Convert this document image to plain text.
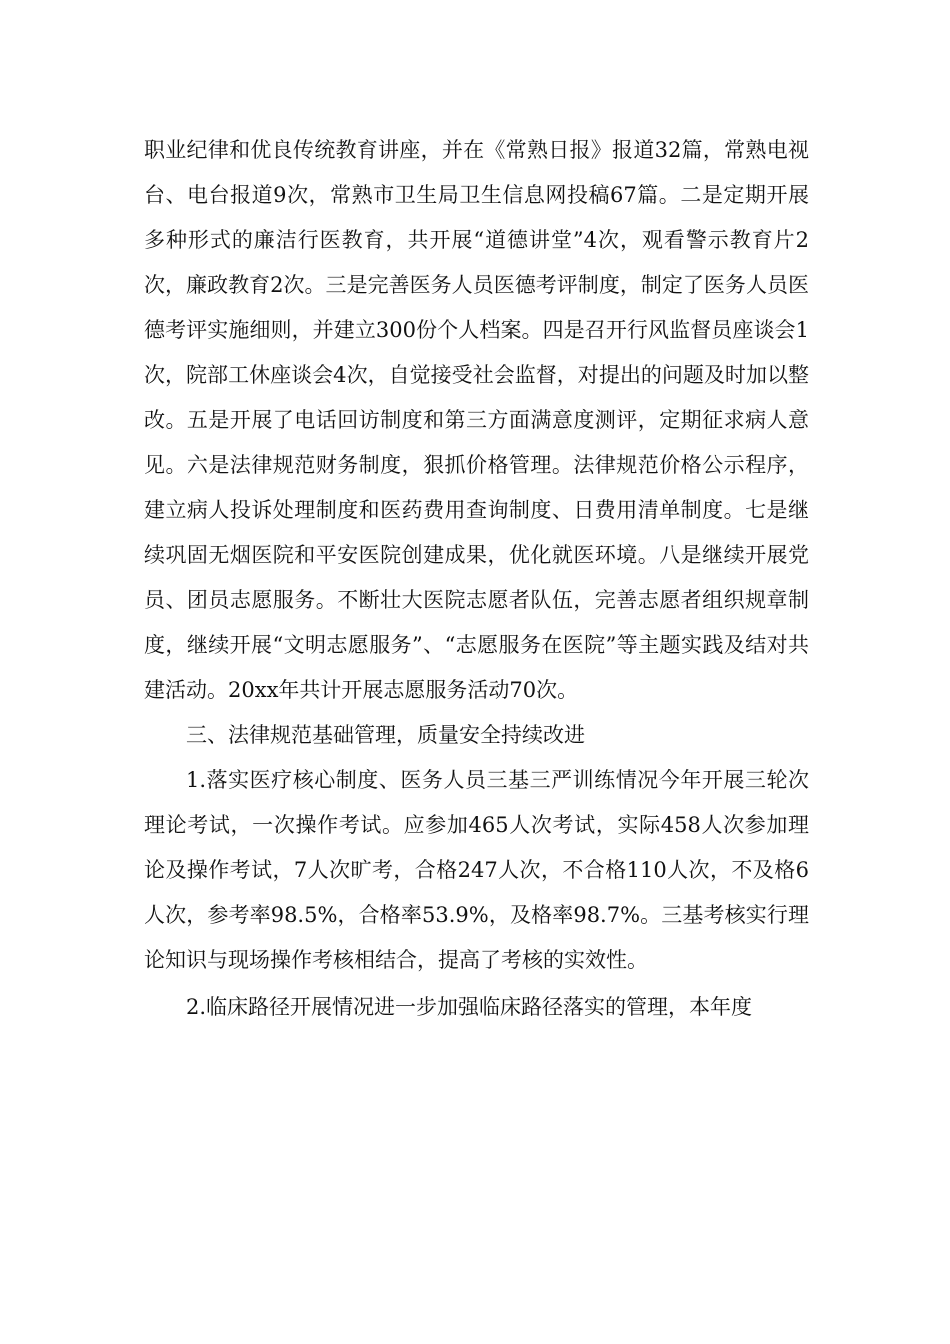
职业纪律和优良传统教育讲座，并在《常熟日报》报道32篇，常熟电视台、电台报道9次，常熟市卫生局卫生信息网投稿67篇。二是定期开展多种形式的廉洁行医教育，共开展“道德讲堂”4次，观看警示教育片2次，廉政教育2次。三是完善医务人员医德考评制度，制定了医务人员医德考评实施细则，并建立300份个人档案。四是召开行风监督员座谈会1次，院部工休座谈会4次，自觉接受社会监督，对提出的问题及时加以整改。五是开展了电话回访制度和第三方面满意度测评，定期征求病人意见。六是法律规范财务制度，狠抓价格管理。法律规范价格公示程序，建立病人投诉处理制度和医药费用查询制度、日费用清单制度。七是继续巩固无烟医院和平安医院创建成果，优化就医环境。八是继续开展党员、团员志愿服务。不断壮大医院志愿者队伍，完善志愿者组织规章制度，继续开展“文明志愿服务”、“志愿服务在医院”等主题实践及结对共建活动。20xx年共计开展志愿服务活动70次。

三、法律规范基础管理，质量安全持续改进

1.落实医疗核心制度、医务人员三基三严训练情况今年开展三轮次理论考试，一次操作考试。应参加465人次考试，实际458人次参加理论及操作考试，7人次旷考，合格247人次，不合格110人次，不及格6人次，参考率98.5%，合格率53.9%，及格率98.7%。三基考核实行理论知识与现场操作考核相结合，提高了考核的实效性。

2.临床路径开展情况进一步加强临床路径落实的管理，本年度
